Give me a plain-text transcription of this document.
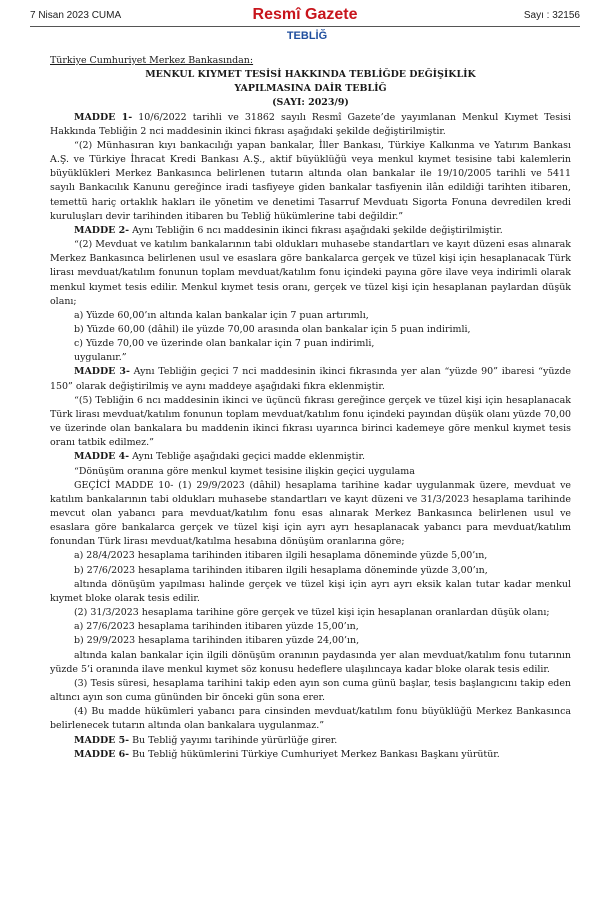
7 Nisan 2023 CUMA	Resmî Gazete	Sayı : 32156
TEBLİĞ

Türkiye Cumhuriyet Merkez Bankasından:

MENKUL KIYMET TESİSİ HAKKINDA TEBLİĞDE DEĞİŞİKLİK
YAPILMASINA DAİR TEBLİĞ
(SAYI: 2023/9)

MADDE 1- 10/6/2022 tarihli ve 31862 sayılı Resmî Gazete’de yayımlanan Menkul Kıymet Tesisi Hakkında Tebliğin 2 nci maddesinin ikinci fıkrası aşağıdaki şekilde değiştirilmiştir.

“(2) Münhasıran kıyı bankacılığı yapan bankalar, İller Bankası, Türkiye Kalkınma ve Yatırım Bankası A.Ş. ve Türkiye İhracat Kredi Bankası A.Ş., aktif büyüklüğü veya menkul kıymet tesisine tabi kalemlerin büyüklükleri Merkez Bankasınca belirlenen tutarın altında olan bankalar ile 19/10/2005 tarihli ve 5411 sayılı Bankacılık Kanunu gereğince iradi tasfiyeye giden bankalar tasfiyenin ilân edildiği tarihten itibaren, temettü hariç ortaklık hakları ile yönetim ve denetimi Tasarruf Mevduatı Sigorta Fonuna devredilen kredi kuruluşları devir tarihinden itibaren bu Tebliğ hükümlerine tabi değildir.”

MADDE 2- Aynı Tebliğin 6 ncı maddesinin ikinci fıkrası aşağıdaki şekilde değiştirilmiştir.

“(2) Mevduat ve katılım bankalarının tabi oldukları muhasebe standartları ve kayıt düzeni esas alınarak Merkez Bankasınca belirlenen usul ve esaslara göre bankalarca gerçek ve tüzel kişi için hesaplanacak Türk lirası mevduat/katılım fonunun toplam mevduat/katılım fonu içindeki payına göre ilave veya indirimli olarak menkul kıymet tesis edilir. Menkul kıymet tesis oranı, gerçek ve tüzel kişi için hesaplanan paylardan düşük olanı;

a) Yüzde 60,00’ın altında kalan bankalar için 7 puan artırımlı,

b) Yüzde 60,00 (dâhil) ile yüzde 70,00 arasında olan bankalar için 5 puan indirimli,

c) Yüzde 70,00 ve üzerinde olan bankalar için 7 puan indirimli,

uygulanır.”

MADDE 3- Aynı Tebliğin geçici 7 nci maddesinin ikinci fıkrasında yer alan “yüzde 90” ibaresi “yüzde 150” olarak değiştirilmiş ve aynı maddeye aşağıdaki fıkra eklenmiştir.

“(5) Tebliğin 6 ncı maddesinin ikinci ve üçüncü fıkrası gereğince gerçek ve tüzel kişi için hesaplanacak Türk lirası mevduat/katılım fonunun toplam mevduat/katılım fonu içindeki payından düşük olanı yüzde 70,00 ve üzerinde olan bankalara bu maddenin ikinci fıkrası uyarınca birinci kademeye göre menkul kıymet tesis oranı tatbik edilmez.”

MADDE 4- Aynı Tebliğe aşağıdaki geçici madde eklenmiştir.

“Dönüşüm oranına göre menkul kıymet tesisine ilişkin geçici uygulama

GEÇİCİ MADDE 10- (1) 29/9/2023 (dâhil) hesaplama tarihine kadar uygulanmak üzere, mevduat ve katılım bankalarının tabi oldukları muhasebe standartları ve kayıt düzeni ve 31/3/2023 hesaplama tarihinde mevcut olan yabancı para mevduat/katılım fonu esas alınarak Merkez Bankasınca belirlenen usul ve esaslara göre bankalarca gerçek ve tüzel kişi için ayrı ayrı hesaplanacak yabancı para mevduat/katılım fonundan Türk lirası mevduat/katılma hesabına dönüşüm oranlarına göre;

a) 28/4/2023 hesaplama tarihinden itibaren ilgili hesaplama döneminde yüzde 5,00’ın,

b) 27/6/2023 hesaplama tarihinden itibaren ilgili hesaplama döneminde yüzde 3,00’ın,

altında dönüşüm yapılması halinde gerçek ve tüzel kişi için ayrı ayrı eksik kalan tutar kadar menkul kıymet bloke olarak tesis edilir.

(2) 31/3/2023 hesaplama tarihine göre gerçek ve tüzel kişi için hesaplanan oranlardan düşük olanı;

a) 27/6/2023 hesaplama tarihinden itibaren yüzde 15,00’ın,

b) 29/9/2023 hesaplama tarihinden itibaren yüzde 24,00’ın,

altında kalan bankalar için ilgili dönüşüm oranının paydasında yer alan mevduat/katılım fonu tutarının yüzde 5’i oranında ilave menkul kıymet söz konusu hedeflere ulaşılıncaya kadar bloke olarak tesis edilir.

(3) Tesis süresi, hesaplama tarihini takip eden ayın son cuma günü başlar, tesis başlangıcını takip eden altıncı ayın son cuma gününden bir önceki gün sona erer.

(4) Bu madde hükümleri yabancı para cinsinden mevduat/katılım fonu büyüklüğü Merkez Bankasınca belirlenecek tutarın altında olan bankalara uygulanmaz.”

MADDE 5- Bu Tebliğ yayımı tarihinde yürürlüğe girer.

MADDE 6- Bu Tebliğ hükümlerini Türkiye Cumhuriyet Merkez Bankası Başkanı yürütür.
